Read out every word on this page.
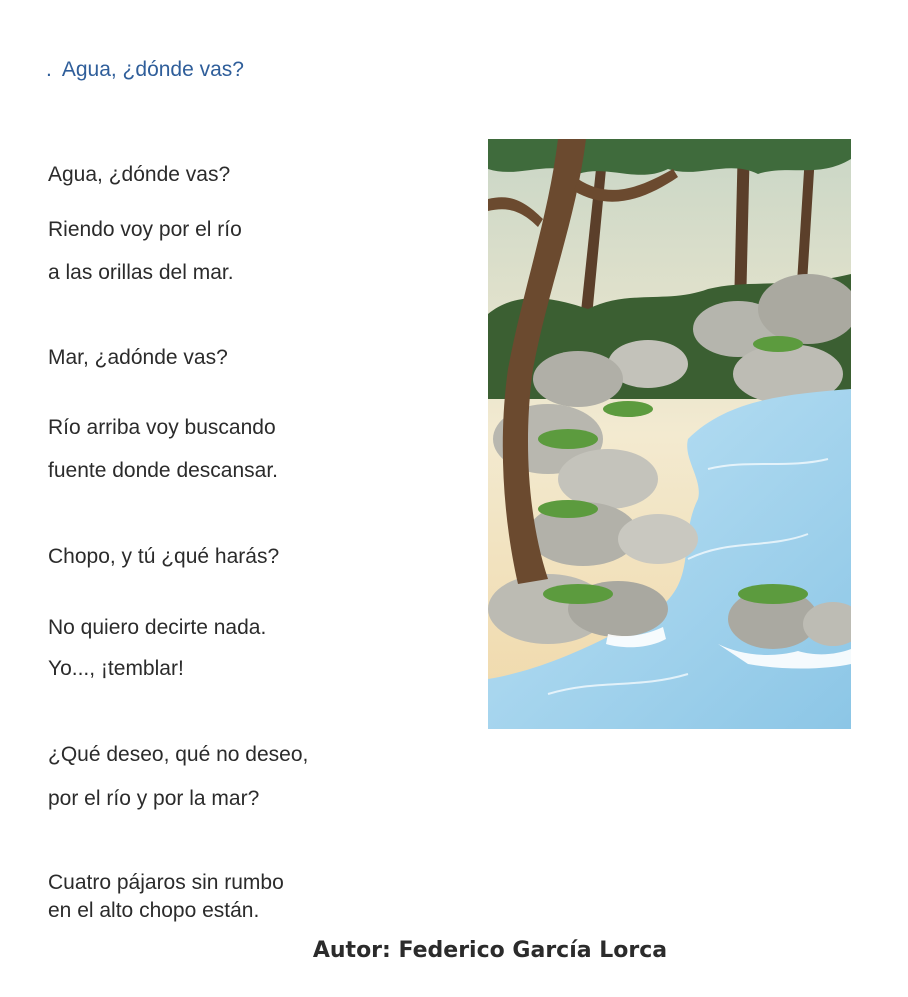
. Agua, ¿dónde vas?
Agua, ¿dónde vas?
Riendo voy por el río
a las orillas del mar.
Mar, ¿adónde vas?
Río arriba voy buscando
fuente donde descansar.
Chopo, y tú ¿qué harás?
No quiero decirte nada.
Yo..., ¡temblar!
¿Qué deseo, qué no deseo,
por el río y por la mar?
Cuatro pájaros sin rumbo
en el alto chopo están.
Autor: Federico García Lorca
